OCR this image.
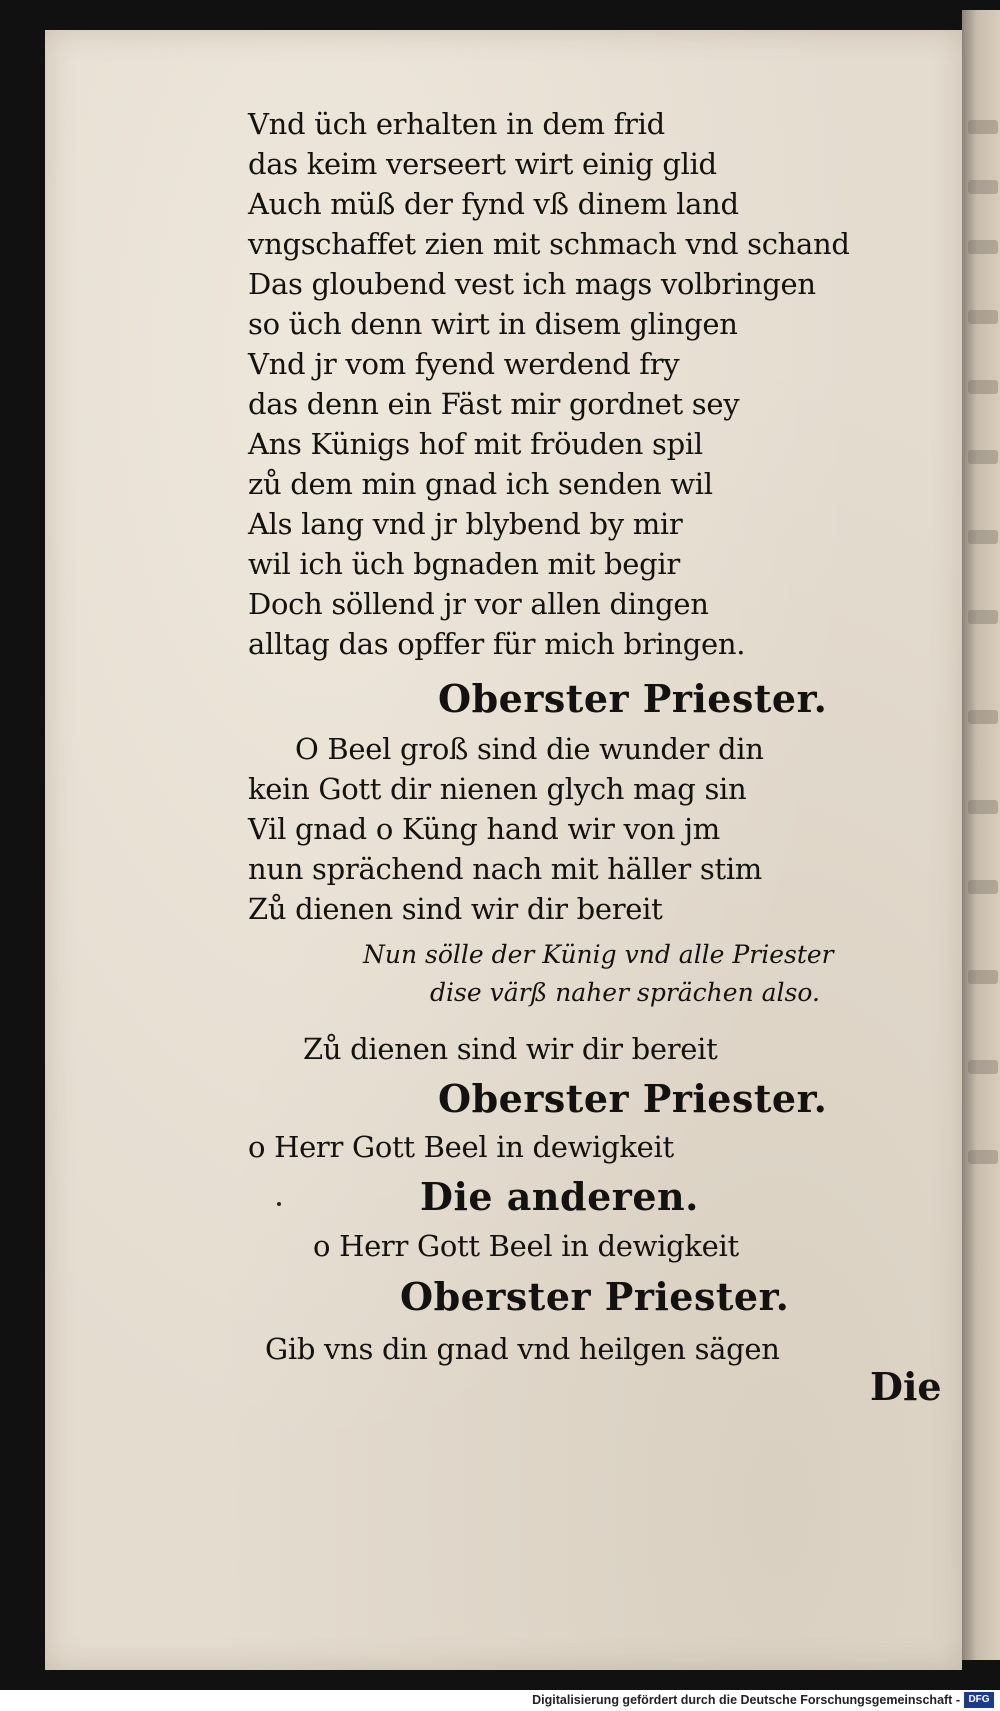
Vnd üch erhalten in dem frid
das keim verseert wirt einig glid
Auch müß der fynd vß dinem land
vngschaffet zien mit schmach vnd schand
Das gloubend vest ich mags volbringen
so üch denn wirt in disem glingen
Vnd jr vom fyend werdend fry
das denn ein Fäst mir gordnet sey
Ans Künigs hof mit fröuden spil
zů dem min gnad ich senden wil
Als lang vnd jr blybend by mir
wil ich üch bgnaden mit begir
Doch söllend jr vor allen dingen
alltag das opffer für mich bringen.
Oberster Priester.
O Beel groß sind die wunder din
kein Gott dir nienen glych mag sin
Vil gnad o Küng hand wir von jm
nun sprächend nach mit häller stim
Zů dienen sind wir dir bereit
Nun sölle der Künig vnd alle Priester
dise värß naher sprächen also.
Zů dienen sind wir dir bereit
Oberster Priester.
o Herr Gott Beel in dewigkeit
Die anderen.
o Herr Gott Beel in dewigkeit
Oberster Priester.
Gib vns din gnad vnd heilgen sägen
Die
Digitalisierung gefördert durch die Deutsche Forschungsgemeinschaft - DFG
